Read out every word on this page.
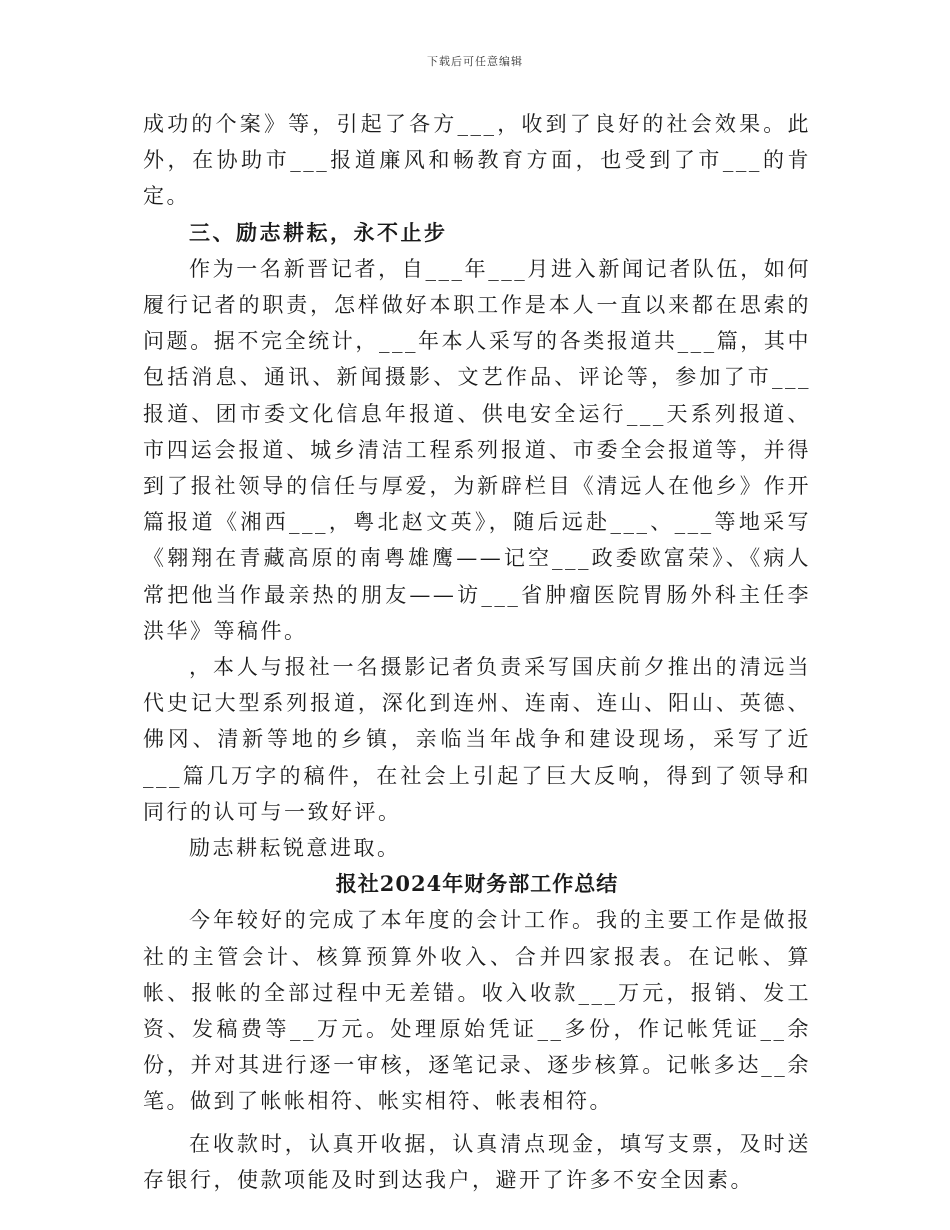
下载后可任意编辑

成功的个案》等，引起了各方___，收到了良好的社会效果。此外，在协助市___报道廉风和畅教育方面，也受到了市___的肯定。

三、励志耕耘，永不止步

作为一名新晋记者，自___年___月进入新闻记者队伍，如何履行记者的职责，怎样做好本职工作是本人一直以来都在思索的问题。据不完全统计，___年本人采写的各类报道共___篇，其中包括消息、通讯、新闻摄影、文艺作品、评论等，参加了市___报道、团市委文化信息年报道、供电安全运行___天系列报道、市四运会报道、城乡清洁工程系列报道、市委全会报道等，并得到了报社领导的信任与厚爱，为新辟栏目《清远人在他乡》作开篇报道《湘西___，粤北赵文英》，随后远赴___、___等地采写《翱翔在青藏高原的南粤雄鹰——记空___政委欧富荣》、《病人常把他当作最亲热的朋友——访___省肿瘤医院胃肠外科主任李洪华》等稿件。

，本人与报社一名摄影记者负责采写国庆前夕推出的清远当代史记大型系列报道，深化到连州、连南、连山、阳山、英德、佛冈、清新等地的乡镇，亲临当年战争和建设现场，采写了近___篇几万字的稿件，在社会上引起了巨大反响，得到了领导和同行的认可与一致好评。

励志耕耘锐意进取。

报社2024年财务部工作总结

今年较好的完成了本年度的会计工作。我的主要工作是做报社的主管会计、核算预算外收入、合并四家报表。在记帐、算帐、报帐的全部过程中无差错。收入收款___万元，报销、发工资、发稿费等__万元。处理原始凭证__多份，作记帐凭证__余份，并对其进行逐一审核，逐笔记录、逐步核算。记帐多达__余笔。做到了帐帐相符、帐实相符、帐表相符。

在收款时，认真开收据，认真清点现金，填写支票，及时送存银行，使款项能及时到达我户，避开了许多不安全因素。
